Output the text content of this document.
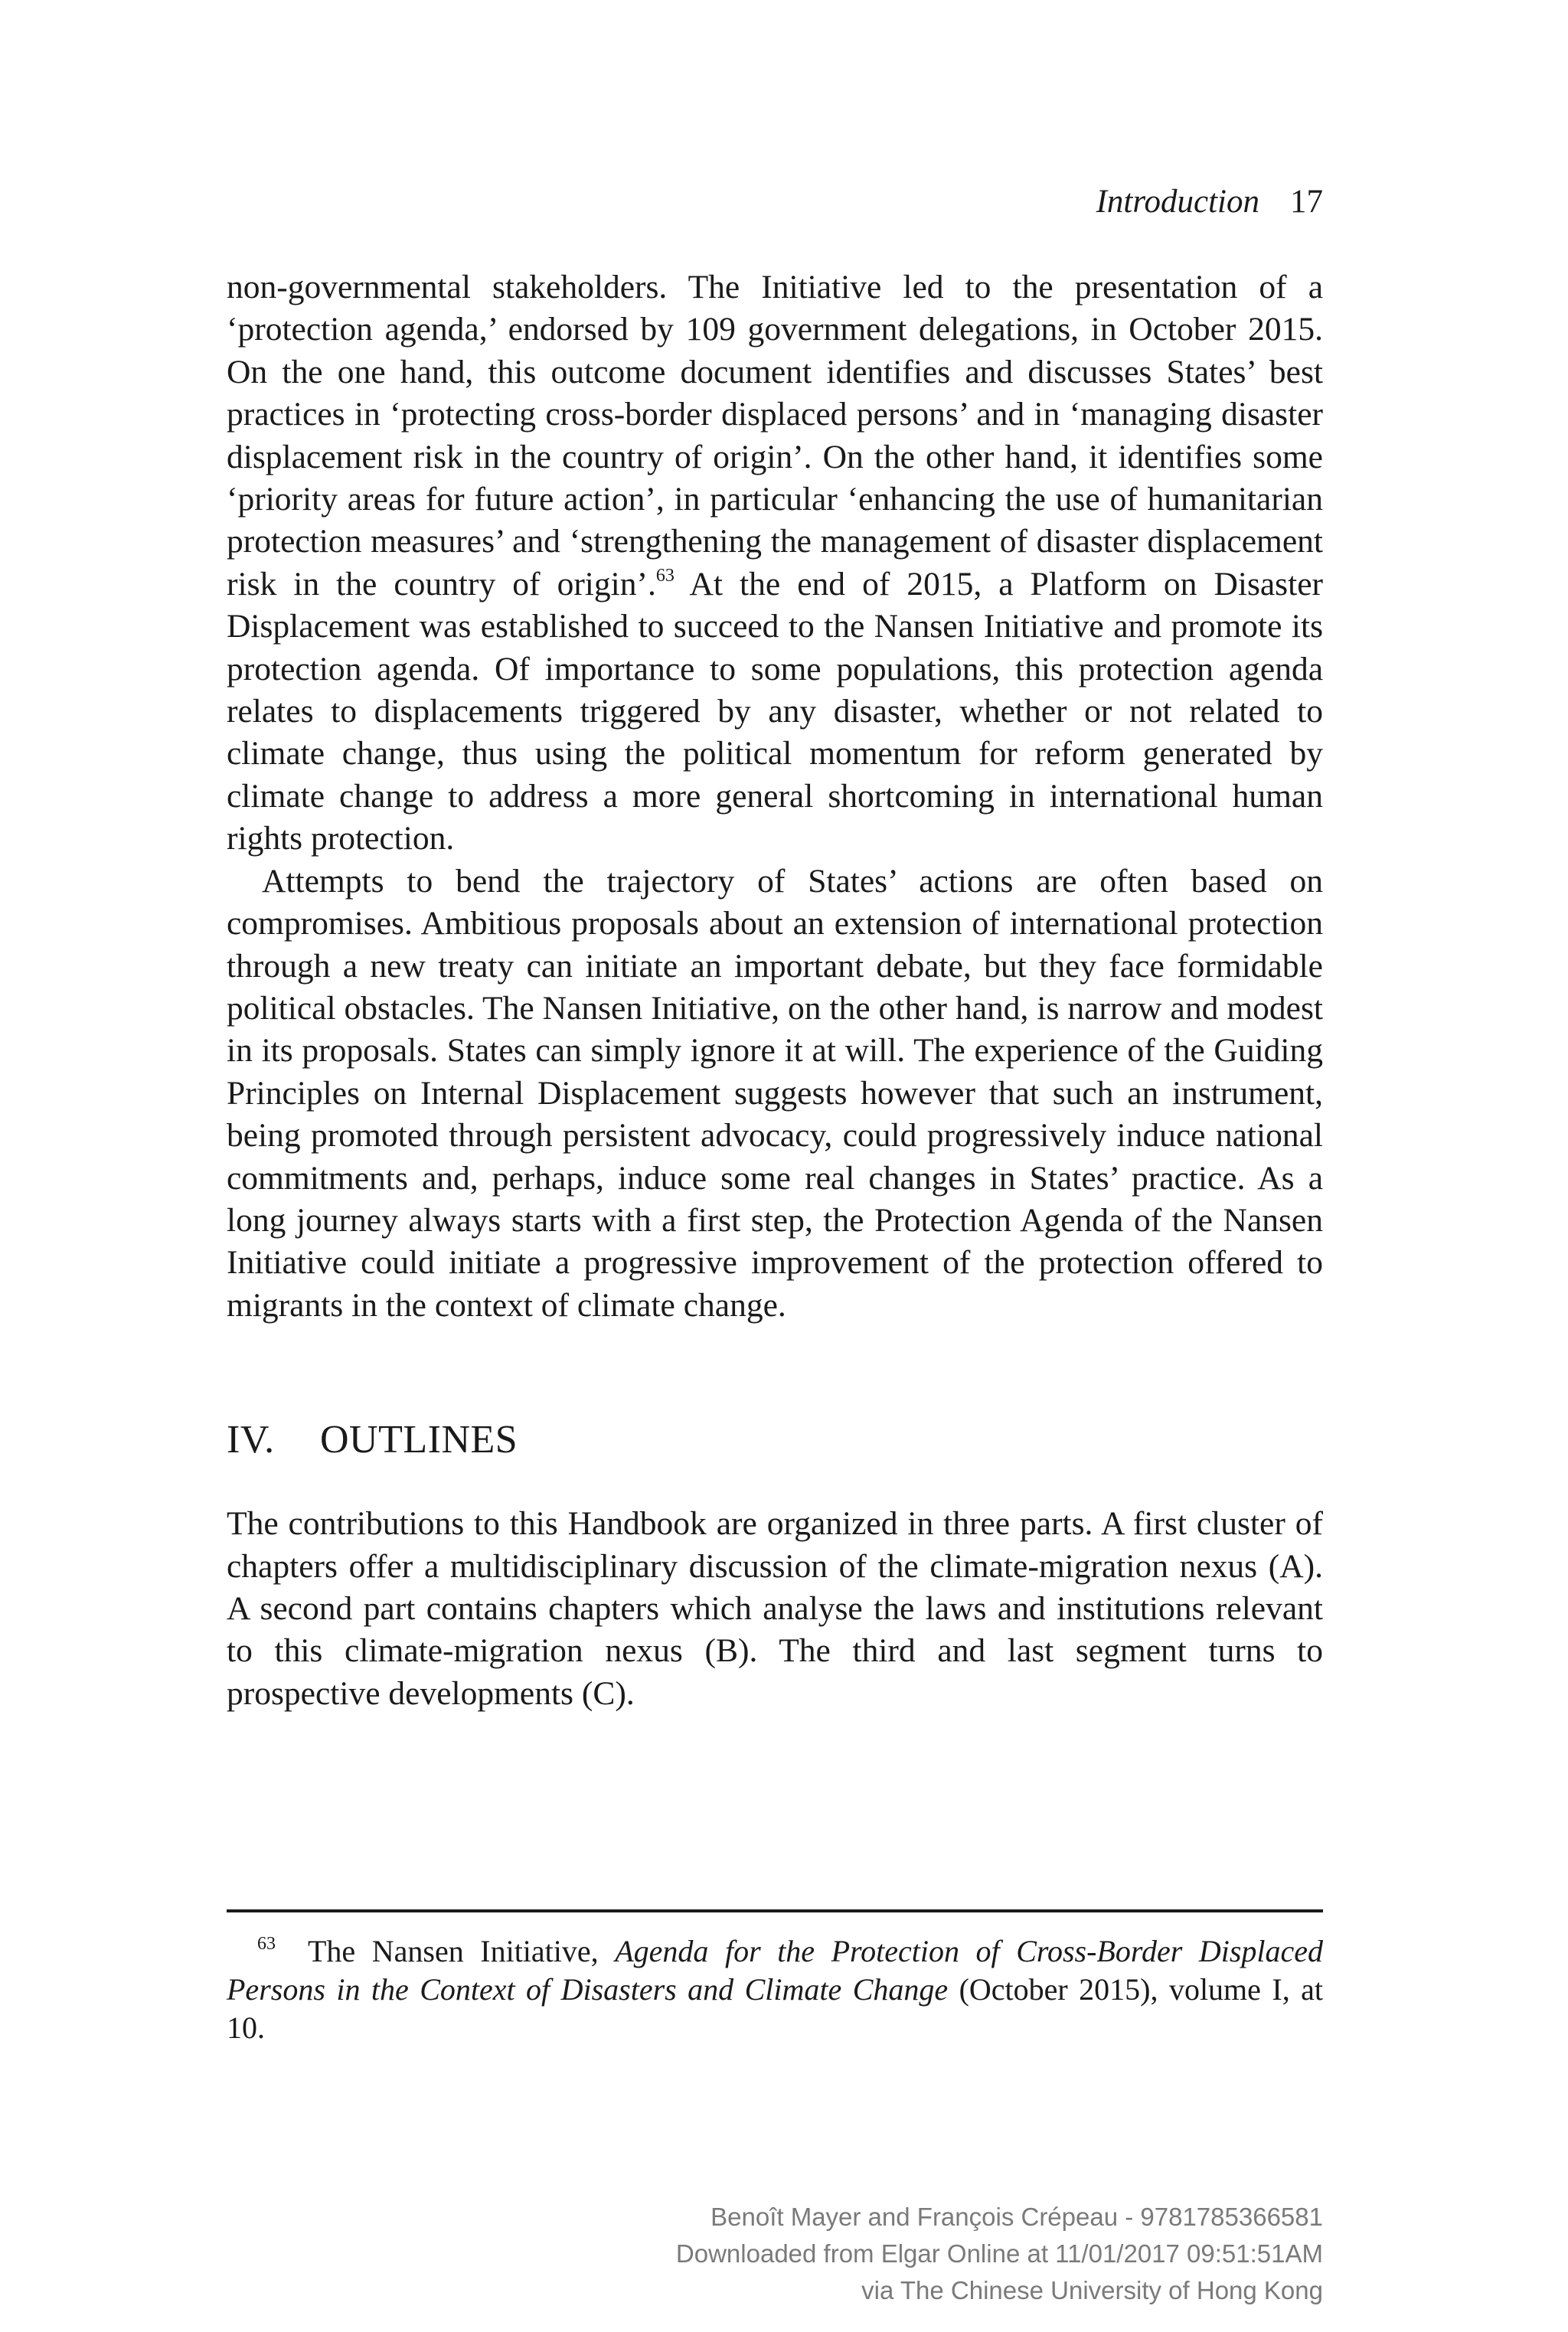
Introduction 17

non-governmental stakeholders. The Initiative led to the presentation of a ‘protection agenda,’ endorsed by 109 government delegations, in October 2015. On the one hand, this outcome document identifies and discusses States’ best practices in ‘protecting cross-border displaced persons’ and in ‘managing disaster displacement risk in the country of origin’. On the other hand, it identifies some ‘priority areas for future action’, in particular ‘enhancing the use of humanitarian protection measures’ and ‘strengthening the management of disaster displacement risk in the country of origin’.$^{63}$ At the end of 2015, a Platform on Disaster Displacement was established to succeed to the Nansen Initiative and promote its protection agenda. Of importance to some populations, this protection agenda relates to displacements triggered by any disaster, whether or not related to climate change, thus using the political momentum for reform generated by climate change to address a more general shortcoming in international human rights protection.

Attempts to bend the trajectory of States’ actions are often based on compromises. Ambitious proposals about an extension of international protection through a new treaty can initiate an important debate, but they face formidable political obstacles. The Nansen Initiative, on the other hand, is narrow and modest in its proposals. States can simply ignore it at will. The experience of the Guiding Principles on Internal Displacement suggests however that such an instrument, being promoted through persistent advocacy, could progressively induce national commitments and, perhaps, induce some real changes in States’ practice. As a long journey always starts with a first step, the Protection Agenda of the Nansen Initiative could initiate a progressive improvement of the protection offered to migrants in the context of climate change.

IV. OUTLINES

The contributions to this Handbook are organized in three parts. A first cluster of chapters offer a multidisciplinary discussion of the climate-migration nexus (A). A second part contains chapters which analyse the laws and institutions relevant to this climate-migration nexus (B). The third and last segment turns to prospective developments (C).

63 The Nansen Initiative, Agenda for the Protection of Cross-Border Displaced Persons in the Context of Disasters and Climate Change (October 2015), volume I, at 10.

Benoît Mayer and François Crépeau - 9781785366581
Downloaded from Elgar Online at 11/01/2017 09:51:51AM
via The Chinese University of Hong Kong
